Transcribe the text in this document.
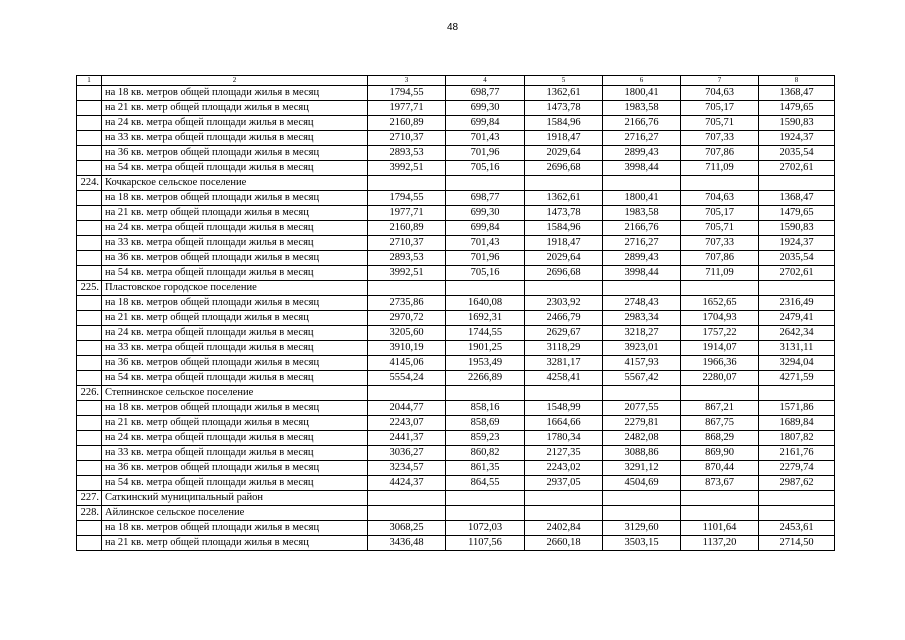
48
1	2	3	4	5	6	7	8
	на 18 кв. метров общей площади жилья в месяц	1794,55	698,77	1362,61	1800,41	704,63	1368,47
	на 21 кв. метр общей площади жилья в месяц	1977,71	699,30	1473,78	1983,58	705,17	1479,65
	на 24 кв. метра общей площади жилья в месяц	2160,89	699,84	1584,96	2166,76	705,71	1590,83
	на 33 кв. метра общей площади жилья в месяц	2710,37	701,43	1918,47	2716,27	707,33	1924,37
	на 36 кв. метров общей площади жилья в месяц	2893,53	701,96	2029,64	2899,43	707,86	2035,54
	на 54 кв. метра общей площади жилья в месяц	3992,51	705,16	2696,68	3998,44	711,09	2702,61
224.	Кочкарское сельское поселение						
	на 18 кв. метров общей площади жилья в месяц	1794,55	698,77	1362,61	1800,41	704,63	1368,47
	на 21 кв. метр общей площади жилья в месяц	1977,71	699,30	1473,78	1983,58	705,17	1479,65
	на 24 кв. метра общей площади жилья в месяц	2160,89	699,84	1584,96	2166,76	705,71	1590,83
	на 33 кв. метра общей площади жилья в месяц	2710,37	701,43	1918,47	2716,27	707,33	1924,37
	на 36 кв. метров общей площади жилья в месяц	2893,53	701,96	2029,64	2899,43	707,86	2035,54
	на 54 кв. метра общей площади жилья в месяц	3992,51	705,16	2696,68	3998,44	711,09	2702,61
225.	Пластовское городское поселение						
	на 18 кв. метров общей площади жилья в месяц	2735,86	1640,08	2303,92	2748,43	1652,65	2316,49
	на 21 кв. метр общей площади жилья в месяц	2970,72	1692,31	2466,79	2983,34	1704,93	2479,41
	на 24 кв. метра общей площади жилья в месяц	3205,60	1744,55	2629,67	3218,27	1757,22	2642,34
	на 33 кв. метра общей площади жилья в месяц	3910,19	1901,25	3118,29	3923,01	1914,07	3131,11
	на 36 кв. метров общей площади жилья в месяц	4145,06	1953,49	3281,17	4157,93	1966,36	3294,04
	на 54 кв. метра общей площади жилья в месяц	5554,24	2266,89	4258,41	5567,42	2280,07	4271,59
226.	Степнинское сельское поселение						
	на 18 кв. метров общей площади жилья в месяц	2044,77	858,16	1548,99	2077,55	867,21	1571,86
	на 21 кв. метр общей площади жилья в месяц	2243,07	858,69	1664,66	2279,81	867,75	1689,84
	на 24 кв. метра общей площади жилья в месяц	2441,37	859,23	1780,34	2482,08	868,29	1807,82
	на 33 кв. метра общей площади жилья в месяц	3036,27	860,82	2127,35	3088,86	869,90	2161,76
	на 36 кв. метров общей площади жилья в месяц	3234,57	861,35	2243,02	3291,12	870,44	2279,74
	на 54 кв. метра общей площади жилья в месяц	4424,37	864,55	2937,05	4504,69	873,67	2987,62
227.	Саткинский муниципальный район						
228.	Айлинское сельское поселение						
	на 18 кв. метров общей площади жилья в месяц	3068,25	1072,03	2402,84	3129,60	1101,64	2453,61
	на 21 кв. метр общей площади жилья в месяц	3436,48	1107,56	2660,18	3503,15	1137,20	2714,50
